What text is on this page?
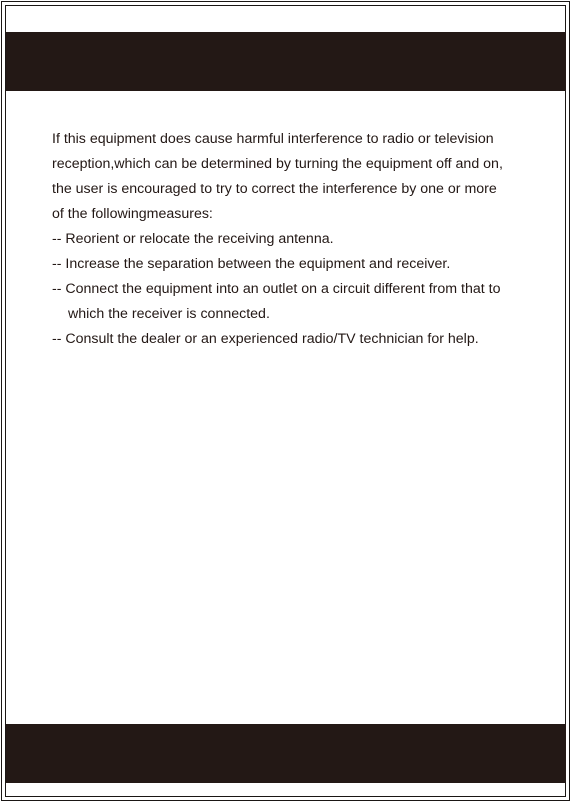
If this equipment does cause harmful interference to radio or television

reception,which can be determined by turning the equipment off and on,

the user is encouraged to try to correct the interference by one or more

of the followingmeasures:

-- Reorient or relocate the receiving antenna.

-- Increase the separation between the equipment and receiver.

-- Connect the equipment into an outlet on a circuit different from that to

which the receiver is connected.

-- Consult the dealer or an experienced radio/TV technician for help.
